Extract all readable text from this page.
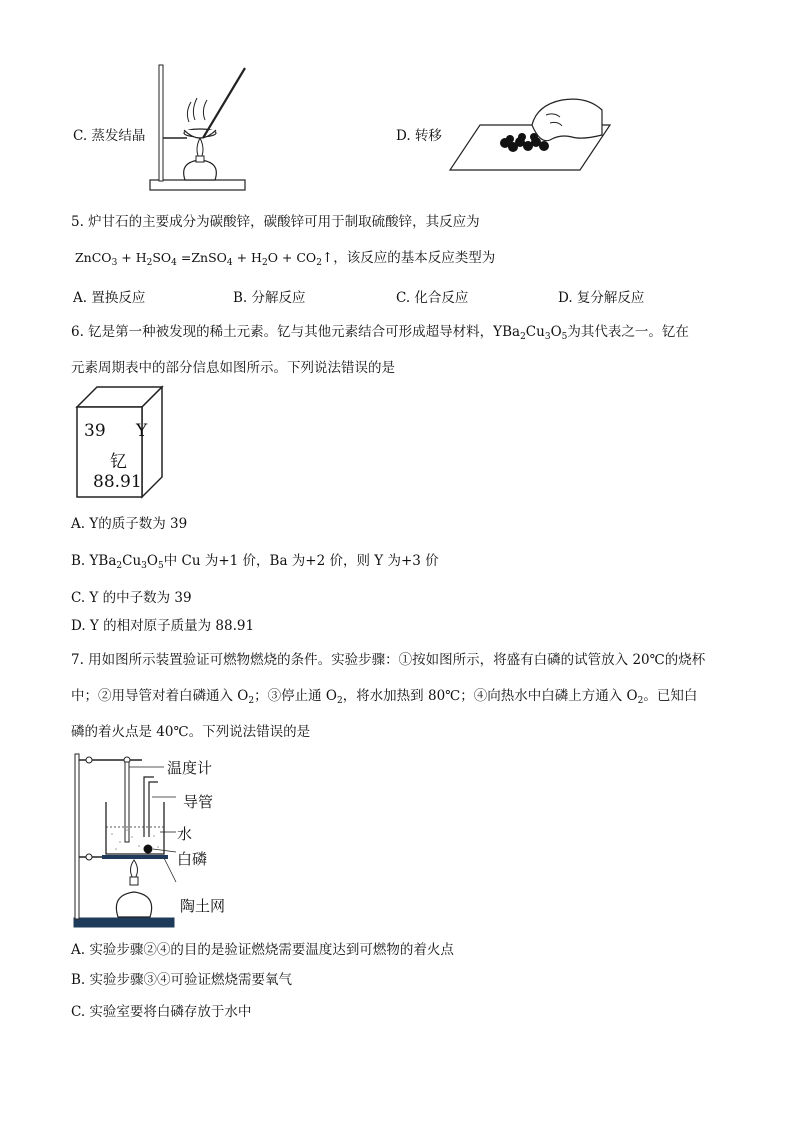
C. 蒸发结晶	D. 转移
5. 炉甘石的主要成分为碳酸锌，碳酸锌可用于制取硫酸锌，其反应为
ZnCO$_3$ + $H_2SO_4$ =ZnSO$_4$ + $H_2O$ + $CO_2↑$，该反应的基本反应类型为
A. 置换反应	B. 分解反应	C. 化合反应	D. 复分解反应
6. 钇是第一种被发现的稀土元素。钇与其他元素结合可形成超导材料，$YBa_2Cu_3O_5$为其代表之一。钇在
元素周期表中的部分信息如图所示。下列说法错误的是
39 Y
钇
88.91
A. Y的质子数为 39
B. $YBa_2Cu_3O_5$中 Cu 为+1 价，Ba 为+2 价，则 Y 为+3 价
C. Y 的中子数为 39
D. Y 的相对原子质量为 88.91
7. 用如图所示装置验证可燃物燃烧的条件。实验步骤：①按如图所示，将盛有白磷的试管放入 20℃的烧杯
中；②用导管对着白磷通入 $O_2$；③停止通 $O_2$，将水加热到 80℃；④向热水中白磷上方通入 $O_2$。已知白
磷的着火点是 40℃。下列说法错误的是
温度计
导管
水
白磷
陶土网
A. 实验步骤②④的目的是验证燃烧需要温度达到可燃物的着火点
B. 实验步骤③④可验证燃烧需要氧气
C. 实验室要将白磷存放于水中
